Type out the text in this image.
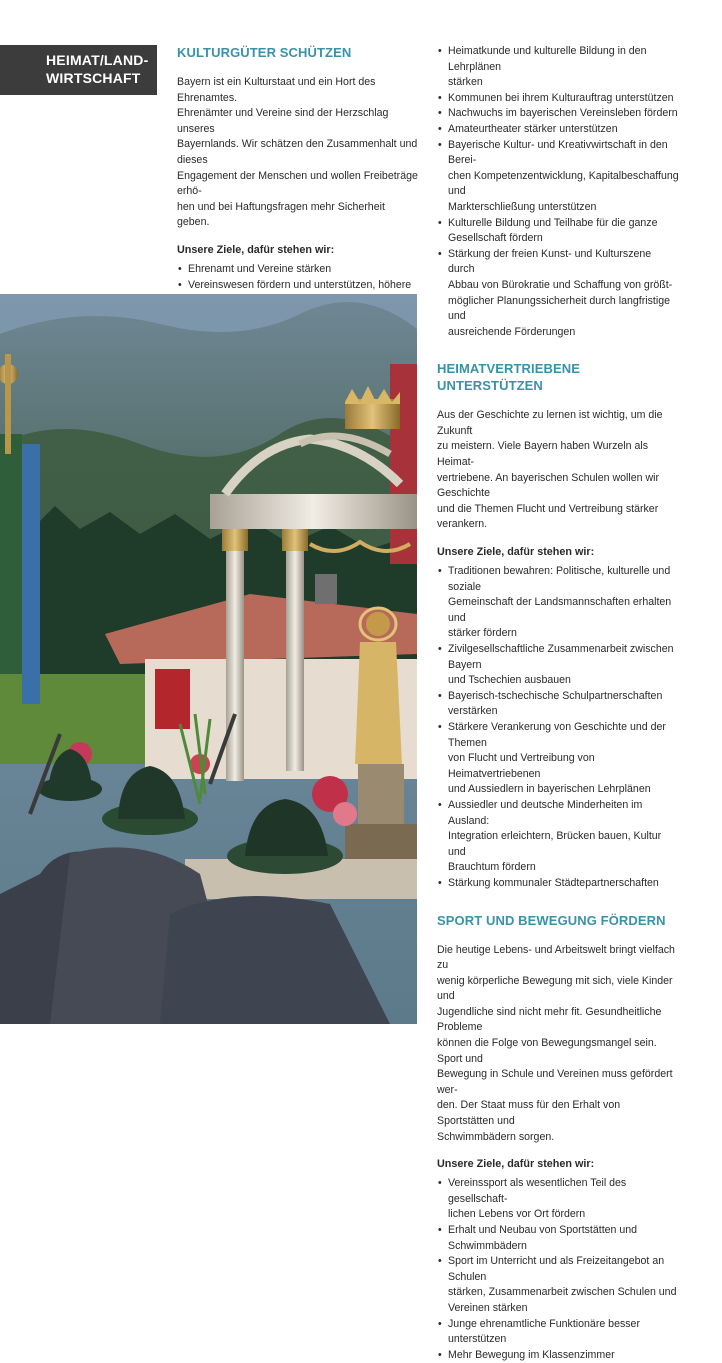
HEIMAT/LAND-
WIRTSCHAFT
KULTURGÜTER SCHÜTZEN

Bayern ist ein Kulturstaat und ein Hort des Ehrenamtes.
Ehrenämter und Vereine sind der Herzschlag unseres
Bayernlands. Wir schätzen den Zusammenhalt und dieses
Engagement der Menschen und wollen Freibeträge erhö-
hen und bei Haftungsfragen mehr Sicherheit geben.

Unsere Ziele, dafür stehen wir:
• Ehrenamt und Vereine stärken
• Vereinswesen fördern und unterstützen, höhere

•
•
• Heimatkunde und kulturelle Bildung in den Lehrplänen
stärken
• Kommunen bei ihrem Kulturauftrag unterstützen
• Nachwuchs im bayerischen Vereinsleben fördern
• Amateurtheater stärker unterstützen
• Bayerische Kultur- und Kreativwirtschaft in den Berei-
chen Kompetenzentwicklung, Kapitalbeschaffung und
Markterschließung unterstützen
• Kulturelle Bildung und Teilhabe für die ganze
Gesellschaft fördern
• Stärkung der freien Kunst- und Kulturszene durch
Abbau von Bürokratie und Schaffung von größt-
möglicher Planungssicherheit durch langfristige und
ausreichende Förderungen
HEIMATVERTRIEBENE UNTERSTÜTZEN

Aus der Geschichte zu lernen ist wichtig, um die Zukunft
zu meistern. Viele Bayern haben Wurzeln als Heimat-
vertriebene. An bayerischen Schulen wollen wir Geschichte
und die Themen Flucht und Vertreibung stärker verankern.

Unsere Ziele, dafür stehen wir:
• Traditionen bewahren: Politische, kulturelle und soziale
Gemeinschaft der Landsmannschaften erhalten und
stärker fördern
• Zivilgesellschaftliche Zusammenarbeit zwischen Bayern
und Tschechien ausbauen
• Bayerisch-tschechische Schulpartnerschaften
verstärken
• Stärkere Verankerung von Geschichte und der Themen
von Flucht und Vertreibung von Heimatvertriebenen
und Aussiedlern in bayerischen Lehrplänen
• Aussiedler und deutsche Minderheiten im Ausland:
Integration erleichtern, Brücken bauen, Kultur und
Brauchtum fördern
• Stärkung kommunaler Städtepartnerschaften
SPORT UND BEWEGUNG FÖRDERN

Die heutige Lebens- und Arbeitswelt bringt vielfach zu
wenig körperliche Bewegung mit sich, viele Kinder und
Jugendliche sind nicht mehr fit. Gesundheitliche Probleme
können die Folge von Bewegungsmangel sein. Sport und
Bewegung in Schule und Vereinen muss gefördert wer-
den. Der Staat muss für den Erhalt von Sportstätten und
Schwimmbädern sorgen.

Unsere Ziele, dafür stehen wir:
• Vereinssport als wesentlichen Teil des gesellschaft-
lichen Lebens vor Ort fördern
• Erhalt und Neubau von Sportstätten und
Schwimmbädern
• Sport im Unterricht und als Freizeitangebot an Schulen
stärken, Zusammenarbeit zwischen Schulen und
Vereinen stärken
• Junge ehrenamtliche Funktionäre besser unterstützen
• Mehr Bewegung im Klassenzimmer
